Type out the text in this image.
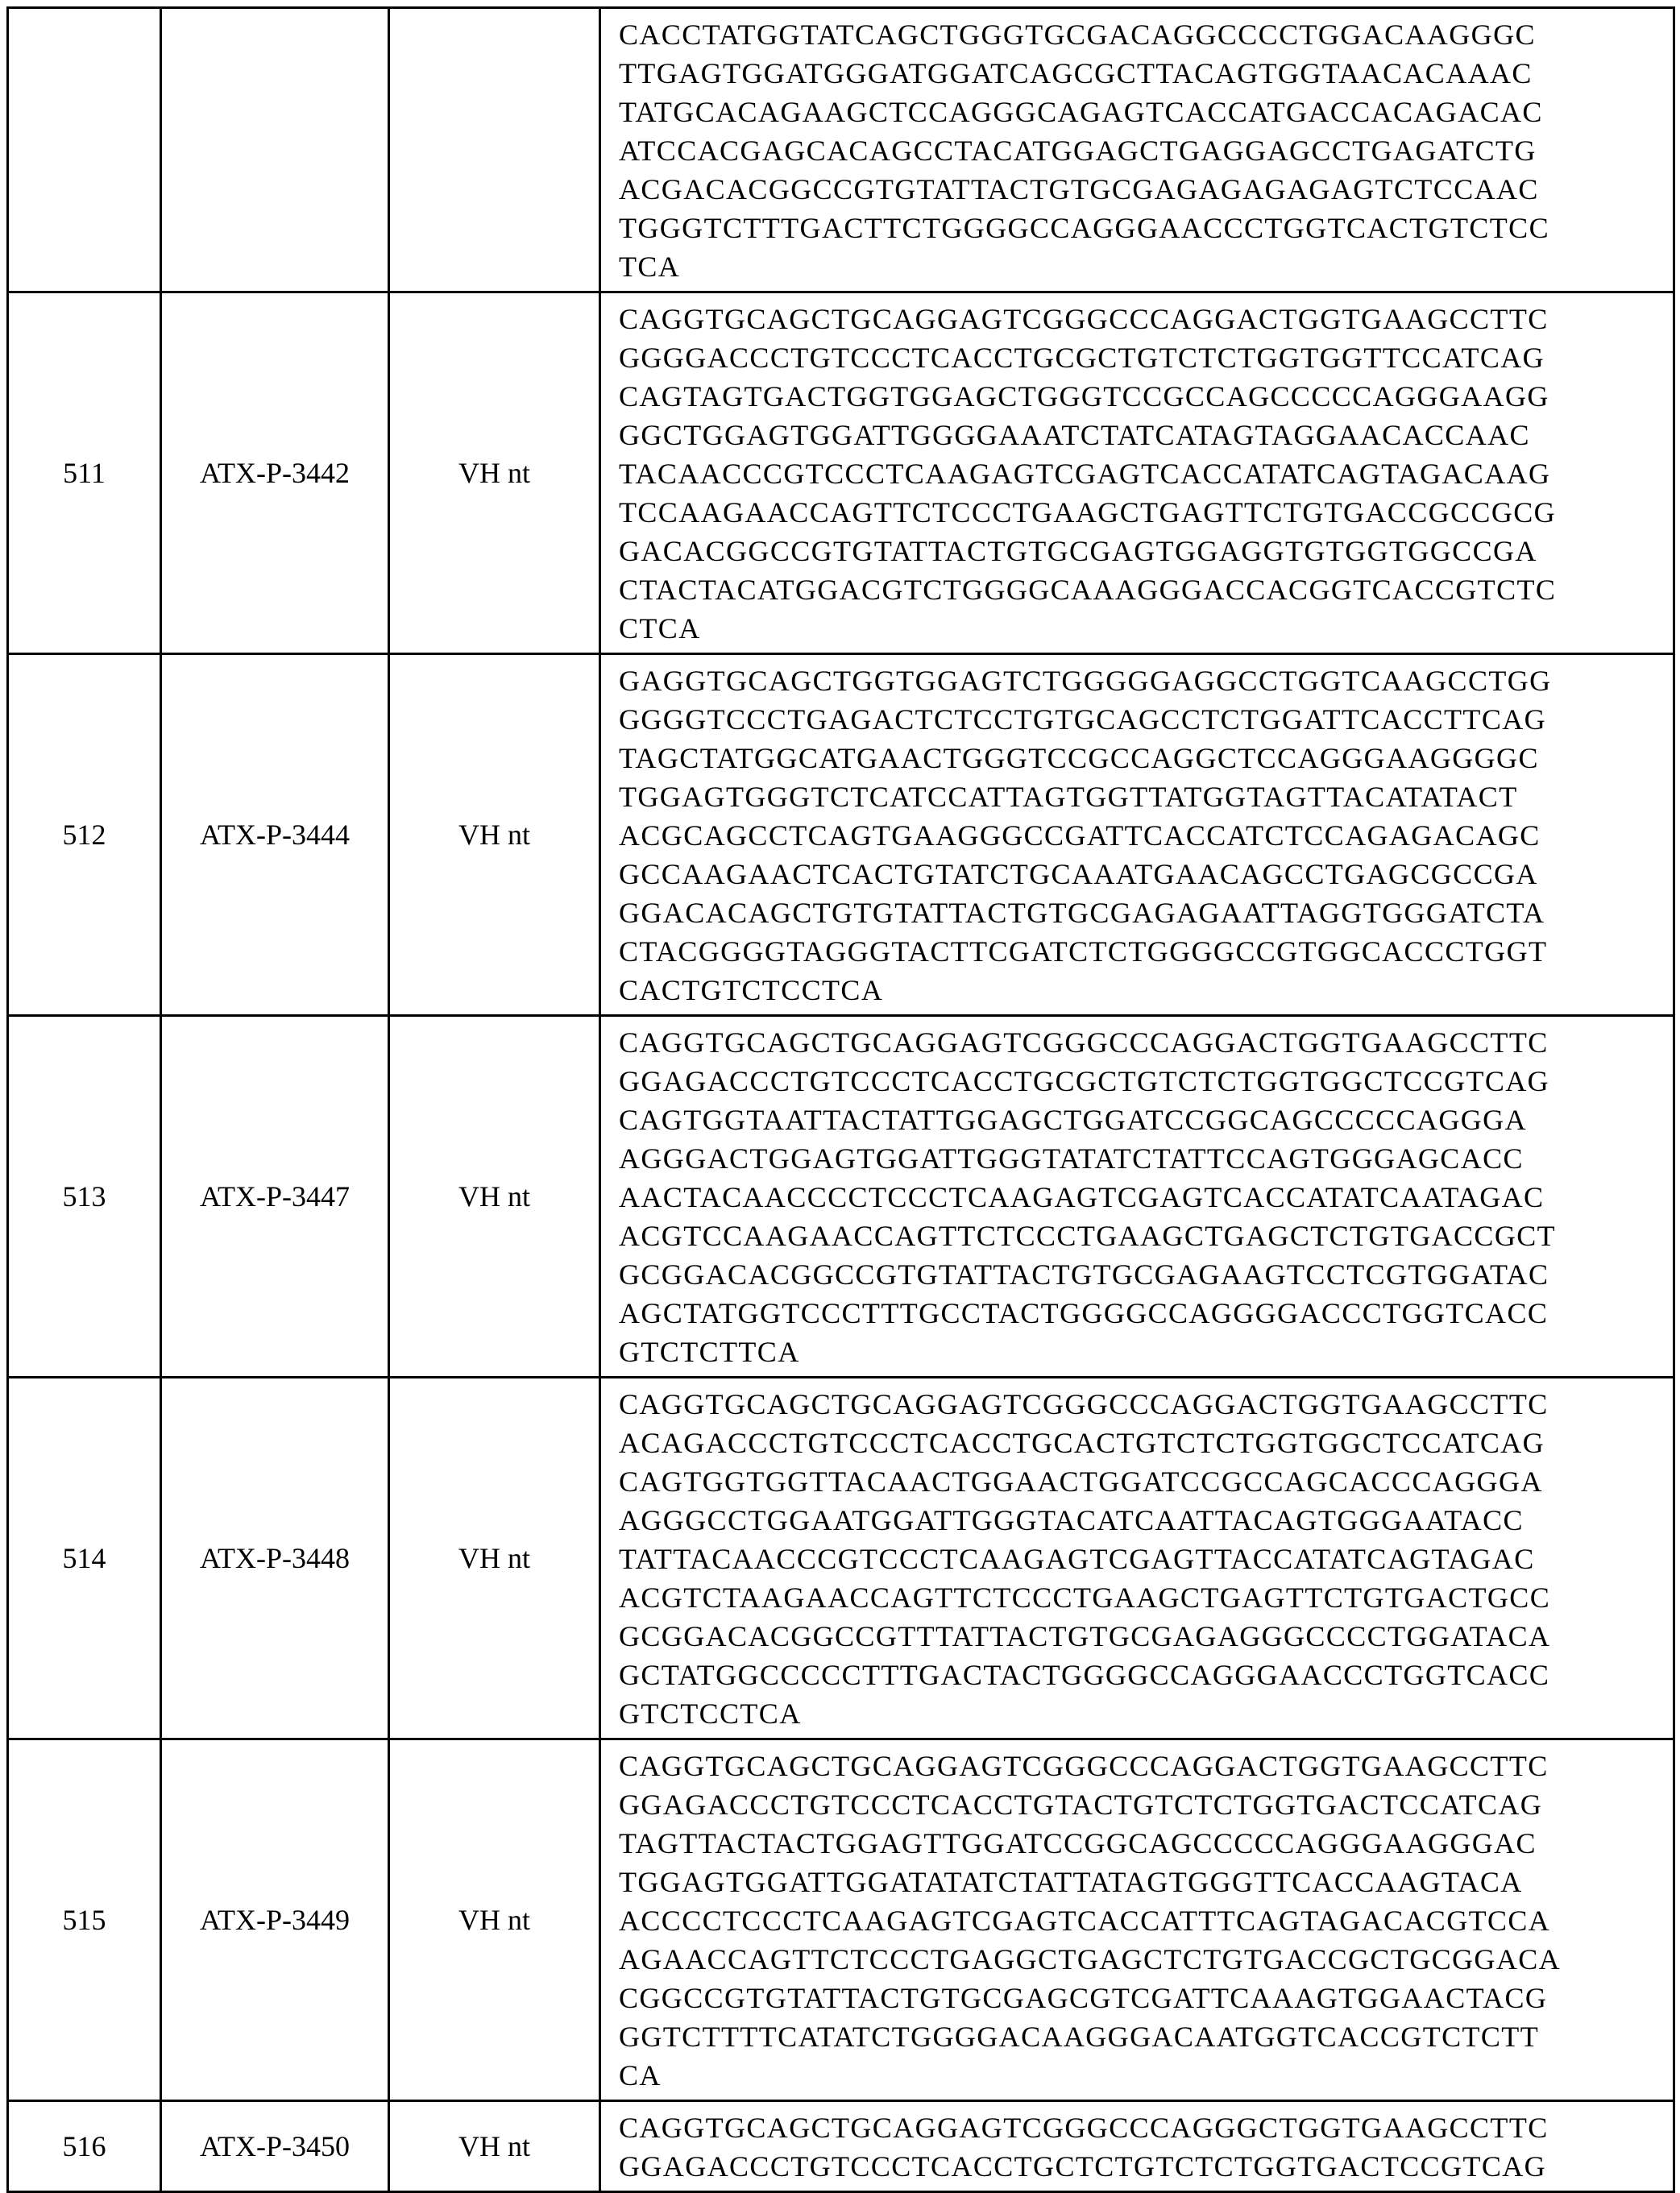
CACCTATGGTATCAGCTGGGTGCGACAGGCCCCTGGACAAGGGC
TTGAGTGGATGGGATGGATCAGCGCTTACAGTGGTAACACAAAC
TATGCACAGAAGCTCCAGGGCAGAGTCACCATGACCACAGACAC
ATCCACGAGCACAGCCTACATGGAGCTGAGGAGCCTGAGATCTG
ACGACACGGCCGTGTATTACTGTGCGAGAGAGAGAGTCTCCAAC
TGGGTCTTTGACTTCTGGGGCCAGGGAACCCTGGTCACTGTCTCC
TCA

511	ATX-P-3442	VH nt	
CAGGTGCAGCTGCAGGAGTCGGGCCCAGGACTGGTGAAGCCTTC
GGGGACCCTGTCCCTCACCTGCGCTGTCTCTGGTGGTTCCATCAG
CAGTAGTGACTGGTGGAGCTGGGTCCGCCAGCCCCCAGGGAAGG
GGCTGGAGTGGATTGGGGAAATCTATCATAGTAGGAACACCAAC
TACAACCCGTCCCTCAAGAGTCGAGTCACCATATCAGTAGACAAG
TCCAAGAACCAGTTCTCCCTGAAGCTGAGTTCTGTGACCGCCGCG
GACACGGCCGTGTATTACTGTGCGAGTGGAGGTGTGGTGGCCGA
CTACTACATGGACGTCTGGGGCAAAGGGACCACGGTCACCGTCTC
CTCA

512	ATX-P-3444	VH nt	
GAGGTGCAGCTGGTGGAGTCTGGGGGAGGCCTGGTCAAGCCTGG
GGGGTCCCTGAGACTCTCCTGTGCAGCCTCTGGATTCACCTTCAG
TAGCTATGGCATGAACTGGGTCCGCCAGGCTCCAGGGAAGGGGC
TGGAGTGGGTCTCATCCATTAGTGGTTATGGTAGTTACATATACT
ACGCAGCCTCAGTGAAGGGCCGATTCACCATCTCCAGAGACAGC
GCCAAGAACTCACTGTATCTGCAAATGAACAGCCTGAGCGCCGA
GGACACAGCTGTGTATTACTGTGCGAGAGAATTAGGTGGGATCTA
CTACGGGGTAGGGTACTTCGATCTCTGGGGCCGTGGCACCCTGGT
CACTGTCTCCTCA

513	ATX-P-3447	VH nt	
CAGGTGCAGCTGCAGGAGTCGGGCCCAGGACTGGTGAAGCCTTC
GGAGACCCTGTCCCTCACCTGCGCTGTCTCTGGTGGCTCCGTCAG
CAGTGGTAATTACTATTGGAGCTGGATCCGGCAGCCCCCAGGGA
AGGGACTGGAGTGGATTGGGTATATCTATTCCAGTGGGAGCACC
AACTACAACCCCTCCCTCAAGAGTCGAGTCACCATATCAATAGAC
ACGTCCAAGAACCAGTTCTCCCTGAAGCTGAGCTCTGTGACCGCT
GCGGACACGGCCGTGTATTACTGTGCGAGAAGTCCTCGTGGATAC
AGCTATGGTCCCTTTGCCTACTGGGGCCAGGGGACCCTGGTCACC
GTCTCTTCA

514	ATX-P-3448	VH nt	
CAGGTGCAGCTGCAGGAGTCGGGCCCAGGACTGGTGAAGCCTTC
ACAGACCCTGTCCCTCACCTGCACTGTCTCTGGTGGCTCCATCAG
CAGTGGTGGTTACAACTGGAACTGGATCCGCCAGCACCCAGGGA
AGGGCCTGGAATGGATTGGGTACATCAATTACAGTGGGAATACC
TATTACAACCCGTCCCTCAAGAGTCGAGTTACCATATCAGTAGAC
ACGTCTAAGAACCAGTTCTCCCTGAAGCTGAGTTCTGTGACTGCC
GCGGACACGGCCGTTTATTACTGTGCGAGAGGGCCCCTGGATACA
GCTATGGCCCCCTTTGACTACTGGGGCCAGGGAACCCTGGTCACC
GTCTCCTCA

515	ATX-P-3449	VH nt	
CAGGTGCAGCTGCAGGAGTCGGGCCCAGGACTGGTGAAGCCTTC
GGAGACCCTGTCCCTCACCTGTACTGTCTCTGGTGACTCCATCAG
TAGTTACTACTGGAGTTGGATCCGGCAGCCCCCAGGGAAGGGAC
TGGAGTGGATTGGATATATCTATTATAGTGGGTTCACCAAGTACA
ACCCCTCCCTCAAGAGTCGAGTCACCATTTCAGTAGACACGTCCA
AGAACCAGTTCTCCCTGAGGCTGAGCTCTGTGACCGCTGCGGACA
CGGCCGTGTATTACTGTGCGAGCGTCGATTCAAAGTGGAACTACG
GGTCTTTTCATATCTGGGGACAAGGGACAATGGTCACCGTCTCTT
CA

516	ATX-P-3450	VH nt	
CAGGTGCAGCTGCAGGAGTCGGGCCCAGGGCTGGTGAAGCCTTC
GGAGACCCTGTCCCTCACCTGCTCTGTCTCTGGTGACTCCGTCAG
